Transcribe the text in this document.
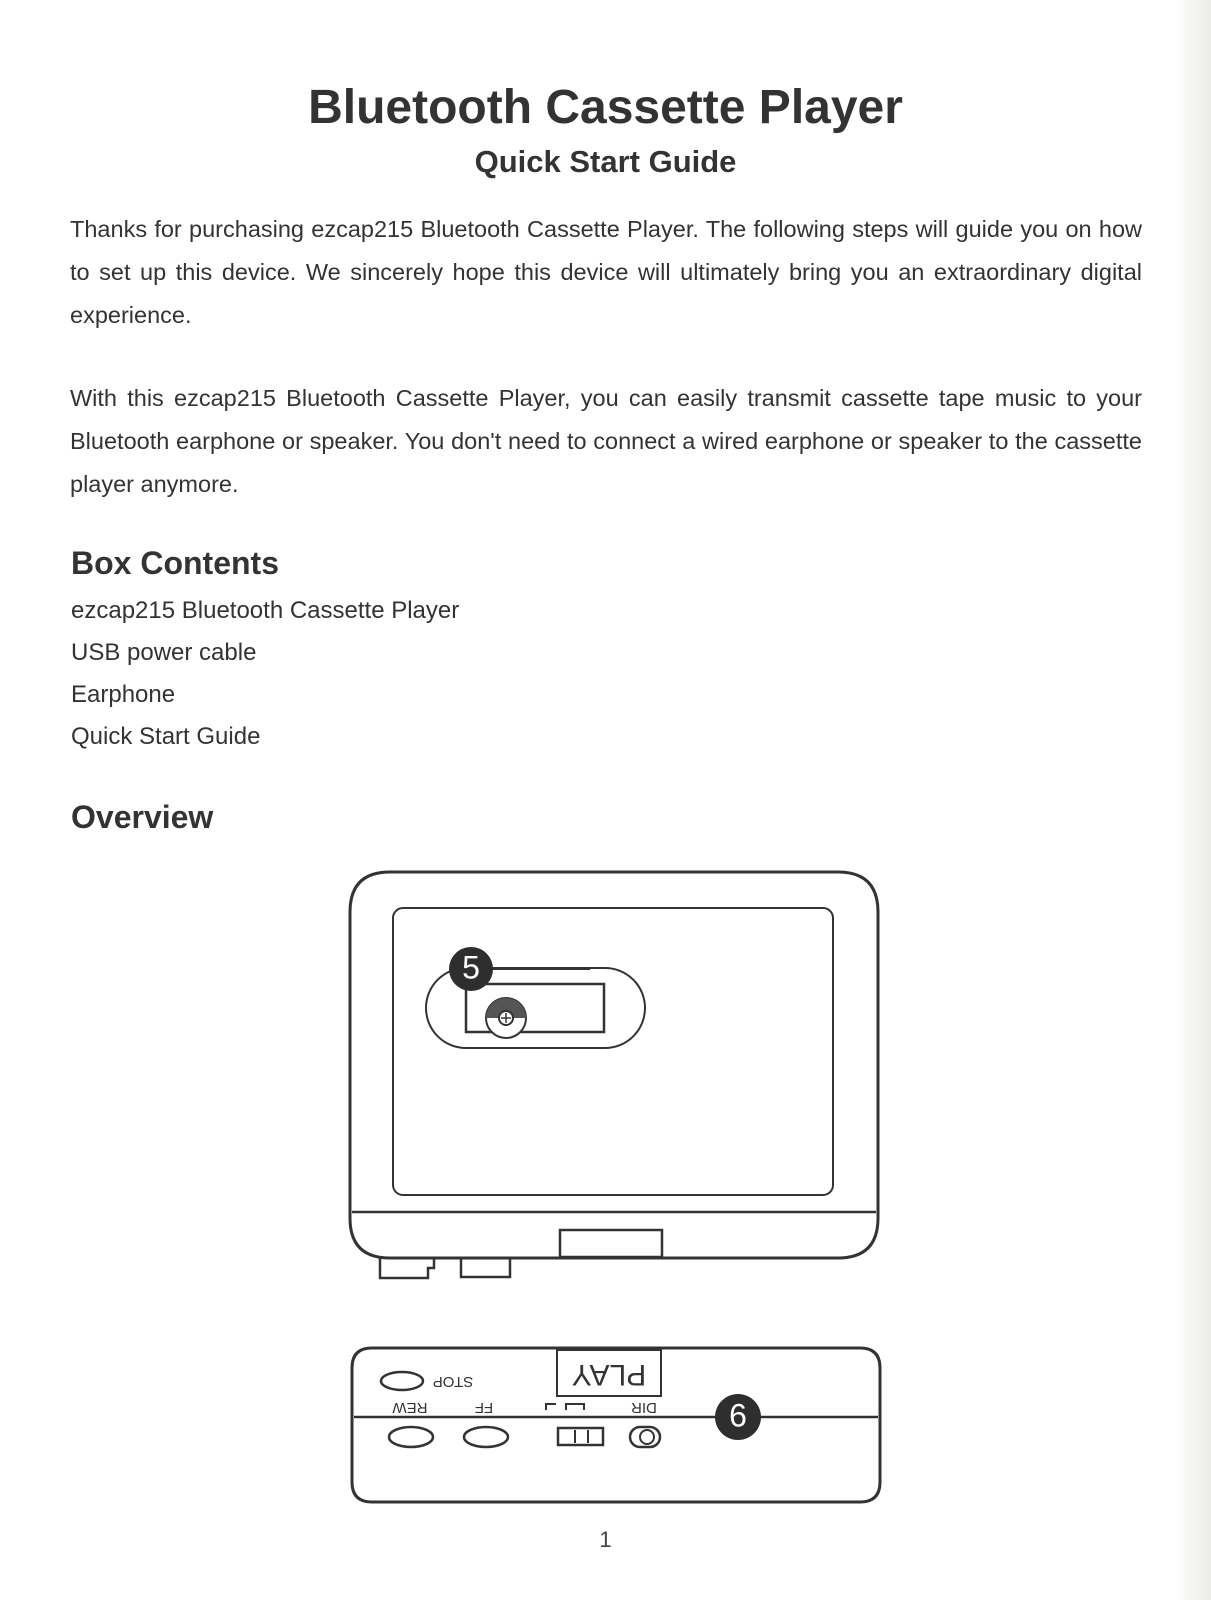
Bluetooth Cassette Player
Quick Start Guide

Thanks for purchasing ezcap215 Bluetooth Cassette Player. The following steps will guide you on how to set up this device. We sincerely hope this device will ultimately bring you an extraordinary digital experience.

With this ezcap215 Bluetooth Cassette Player, you can easily transmit cassette tape music to your Bluetooth earphone or speaker. You don't need to connect a wired earphone or speaker to the cassette player anymore.

Box Contents
ezcap215 Bluetooth Cassette Player
USB power cable
Earphone
Quick Start Guide
Overview
PLAY
STOP
REW	FF	DIR
5
6
1
